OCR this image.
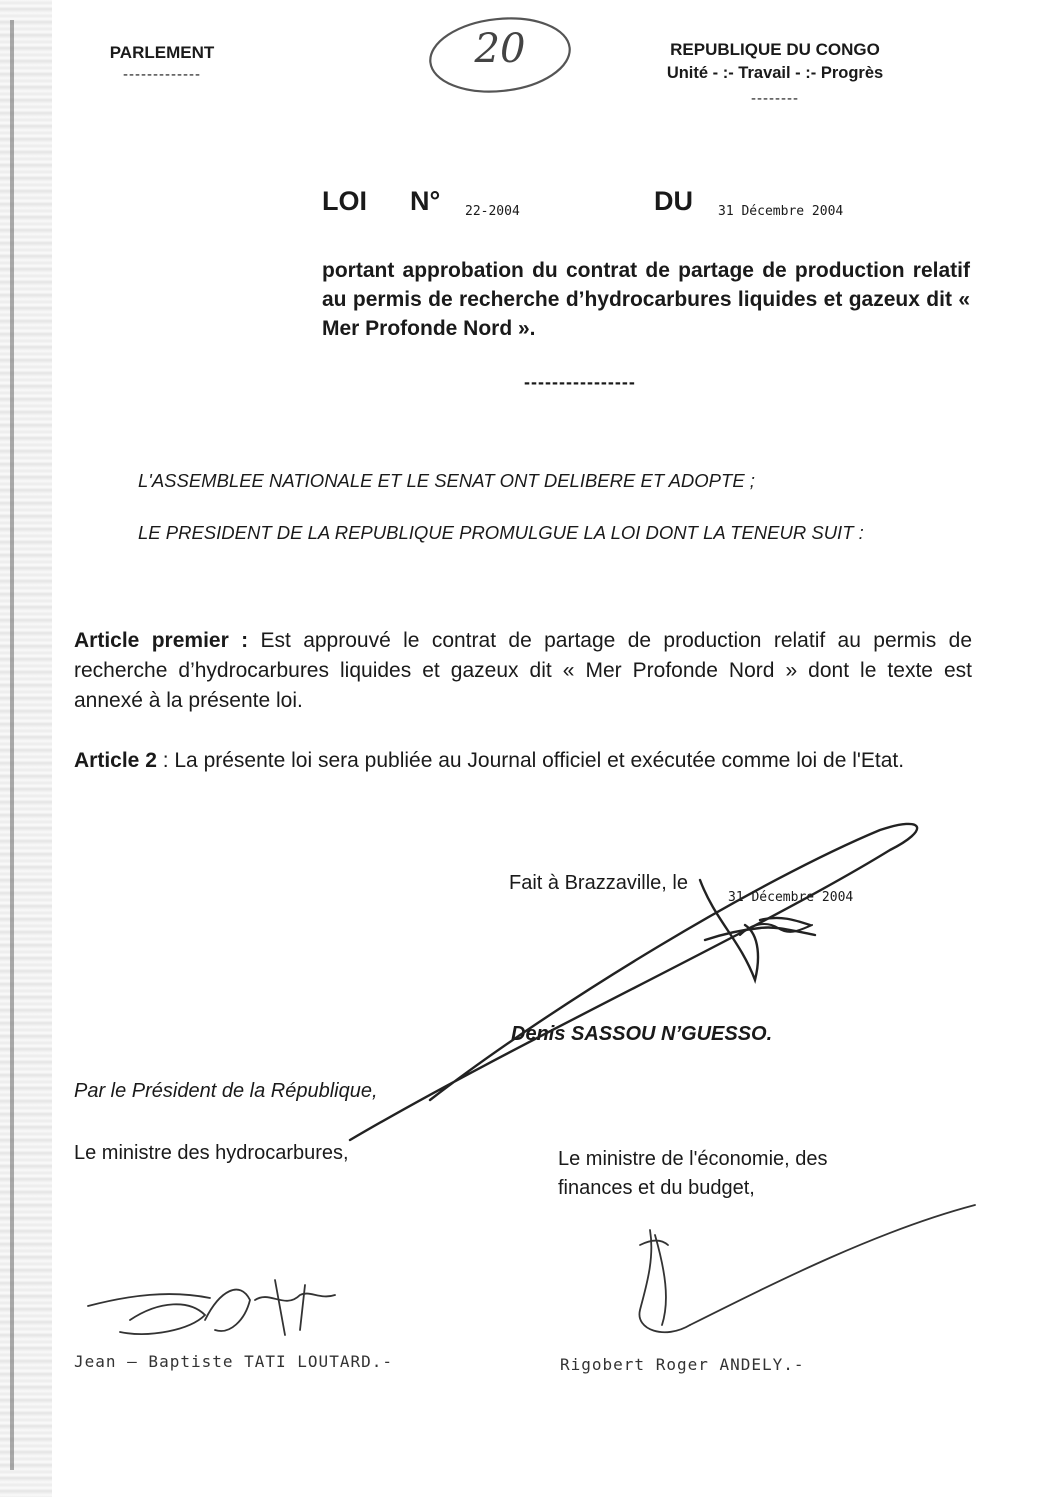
PARLEMENT
-------------
20	REPUBLIQUE DU CONGO
Unité - :- Travail - :- Progrès
--------
LOI N° 22-2004	DU 31 Décembre 2004
portant approbation du contrat de partage de production relatif au permis de recherche d’hydrocarbures liquides et gazeux dit « Mer Profonde Nord ».
----------------
L'ASSEMBLEE NATIONALE ET LE SENAT ONT DELIBERE ET ADOPTE ;
LE PRESIDENT DE LA REPUBLIQUE PROMULGUE LA LOI DONT LA TENEUR SUIT :
Article premier : Est approuvé le contrat de partage de production relatif au permis de recherche d’hydrocarbures liquides et gazeux dit « Mer Profonde Nord » dont le texte est annexé à la présente loi.
Article 2 : La présente loi sera publiée au Journal officiel et exécutée comme loi de l'Etat.
Fait à Brazzaville, le
31 Décembre 2004
Denis SASSOU N’GUESSO.
Par le Président de la République,
Le ministre des hydrocarbures,	Le ministre de l'économie, des
finances et du budget,
Jean – Baptiste TATI LOUTARD.-	Rigobert Roger ANDELY.-
